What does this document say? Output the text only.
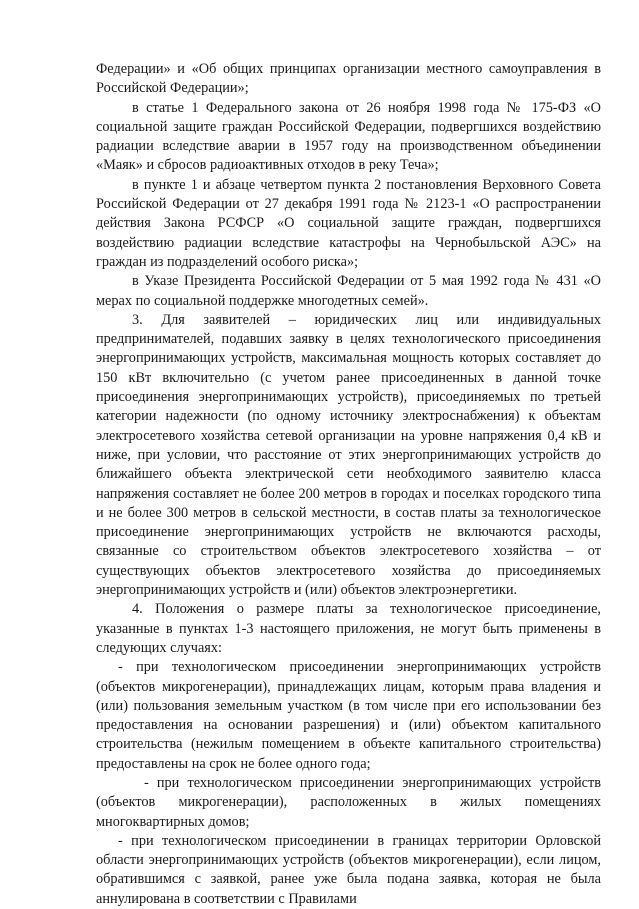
Федерации» и «Об общих принципах организации местного самоуправления в Российской Федерации»;

в статье 1 Федерального закона от 26 ноября 1998 года № 175-ФЗ «О социальной защите граждан Российской Федерации, подвергшихся воздействию радиации вследствие аварии в 1957 году на производственном объединении «Маяк» и сбросов радиоактивных отходов в реку Теча»;

в пункте 1 и абзаце четвертом пункта 2 постановления Верховного Совета Российской Федерации от 27 декабря 1991 года № 2123-1 «О распространении действия Закона РСФСР «О социальной защите граждан, подвергшихся воздействию радиации вследствие катастрофы на Чернобыльской АЭС» на граждан из подразделений особого риска»;

в Указе Президента Российской Федерации от 5 мая 1992 года № 431 «О мерах по социальной поддержке многодетных семей».

3. Для заявителей – юридических лиц или индивидуальных предпринимателей, подавших заявку в целях технологического присоединения энергопринимающих устройств, максимальная мощность которых составляет до 150 кВт включительно (с учетом ранее присоединенных в данной точке присоединения энергопринимающих устройств), присоединяемых по третьей категории надежности (по одному источнику электроснабжения) к объектам электросетевого хозяйства сетевой организации на уровне напряжения 0,4 кВ и ниже, при условии, что расстояние от этих энергопринимающих устройств до ближайшего объекта электрической сети необходимого заявителю класса напряжения составляет не более 200 метров в городах и поселках городского типа и не более 300 метров в сельской местности, в состав платы за технологическое присоединение энергопринимающих устройств не включаются расходы, связанные со строительством объектов электросетевого хозяйства – от существующих объектов электросетевого хозяйства до присоединяемых энергопринимающих устройств и (или) объектов электроэнергетики.

4. Положения о размере платы за технологическое присоединение, указанные в пунктах 1-3 настоящего приложения, не могут быть применены в следующих случаях:

- при технологическом присоединении энергопринимающих устройств (объектов микрогенерации), принадлежащих лицам, которым права владения и (или) пользования земельным участком (в том числе при его использовании без предоставления на основании разрешения) и (или) объектом капитального строительства (нежилым помещением в объекте капитального строительства) предоставлены на срок не более одного года;

- при технологическом присоединении энергопринимающих устройств (объектов микрогенерации), расположенных в жилых помещениях многоквартирных домов;

- при технологическом присоединении в границах территории Орловской области энергопринимающих устройств (объектов микрогенерации), если лицом, обратившимся с заявкой, ранее уже была подана заявка, которая не была аннулирована в соответствии с Правилами
